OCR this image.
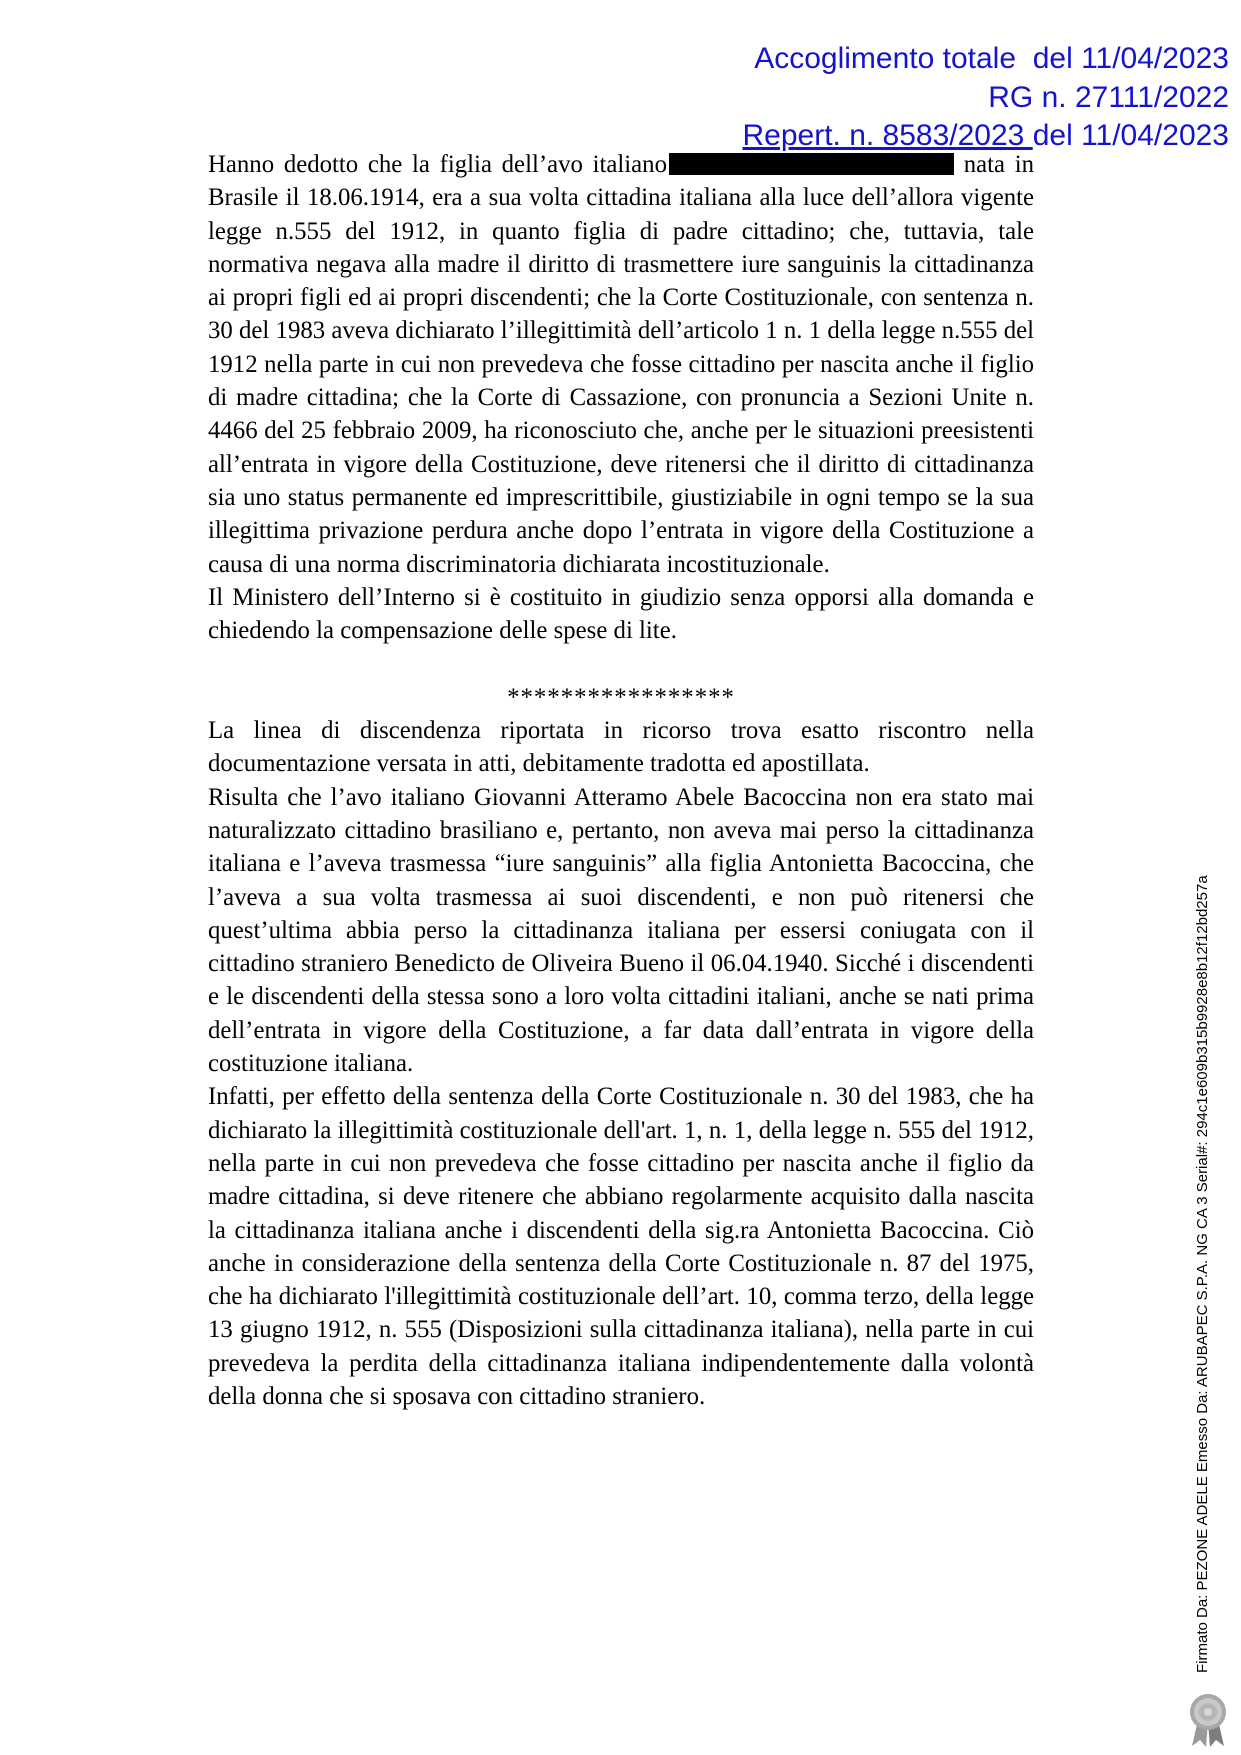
Accoglimento totale  del 11/04/2023
RG n. 27111/2022
Repert. n. 8583/2023 del 11/04/2023

Hanno dedotto che la figlia dell’avo italiano	nata in Brasile il 18.06.1914, era a sua volta cittadina italiana alla luce dell’allora vigente legge n.555 del 1912, in quanto figlia di padre cittadino; che, tuttavia, tale normativa negava alla madre il diritto di trasmettere iure sanguinis la cittadinanza ai propri figli ed ai propri discendenti; che la Corte Costituzionale, con sentenza n. 30 del 1983 aveva dichiarato l’illegittimità dell’articolo 1 n. 1 della legge n.555 del 1912 nella parte in cui non prevedeva che fosse cittadino per nascita anche il figlio di madre cittadina; che la Corte di Cassazione, con pronuncia a Sezioni Unite n. 4466 del 25 febbraio 2009, ha riconosciuto che, anche per le situazioni preesistenti all’entrata in vigore della Costituzione, deve ritenersi che il diritto di cittadinanza sia uno status permanente ed imprescrittibile, giustiziabile in ogni tempo se la sua illegittima privazione perdura anche dopo l’entrata in vigore della Costituzione a causa di una norma discriminatoria dichiarata incostituzionale.

Il Ministero dell’Interno si è costituito in giudizio senza opporsi alla domanda e chiedendo la compensazione delle spese di lite.

*****************

La linea di discendenza riportata in ricorso trova esatto riscontro nella documentazione versata in atti, debitamente tradotta ed apostillata.

Risulta che l’avo italiano Giovanni Atteramo Abele Bacoccina non era stato mai naturalizzato cittadino brasiliano e, pertanto, non aveva mai perso la cittadinanza italiana e l’aveva trasmessa “iure sanguinis” alla figlia Antonietta Bacoccina, che l’aveva a sua volta trasmessa ai suoi discendenti, e non può ritenersi che quest’ultima abbia perso la cittadinanza italiana per essersi coniugata con il cittadino straniero Benedicto de Oliveira Bueno il 06.04.1940. Sicché i discendenti e le discendenti della stessa sono a loro volta cittadini italiani, anche se nati prima dell’entrata in vigore della Costituzione, a far data dall’entrata in vigore della costituzione italiana.

Infatti, per effetto della sentenza della Corte Costituzionale n. 30 del 1983, che ha dichiarato la illegittimità costituzionale dell'art. 1, n. 1, della legge n. 555 del 1912, nella parte in cui non prevedeva che fosse cittadino per nascita anche il figlio da madre cittadina, si deve ritenere che abbiano regolarmente acquisito dalla nascita la cittadinanza italiana anche i discendenti della sig.ra Antonietta Bacoccina. Ciò anche in considerazione della sentenza della Corte Costituzionale n. 87 del 1975, che ha dichiarato l'illegittimità costituzionale dell’art. 10, comma terzo, della legge 13 giugno 1912, n. 555 (Disposizioni sulla cittadinanza italiana), nella parte in cui prevedeva la perdita della cittadinanza italiana indipendentemente dalla volontà della donna che si sposava con cittadino straniero.	Firmato Da: PEZONE ADELE Emesso Da: ARUBAPEC S.P.A. NG CA 3 Serial#: 294c1e609b315b9928e8b12f12bd257a
